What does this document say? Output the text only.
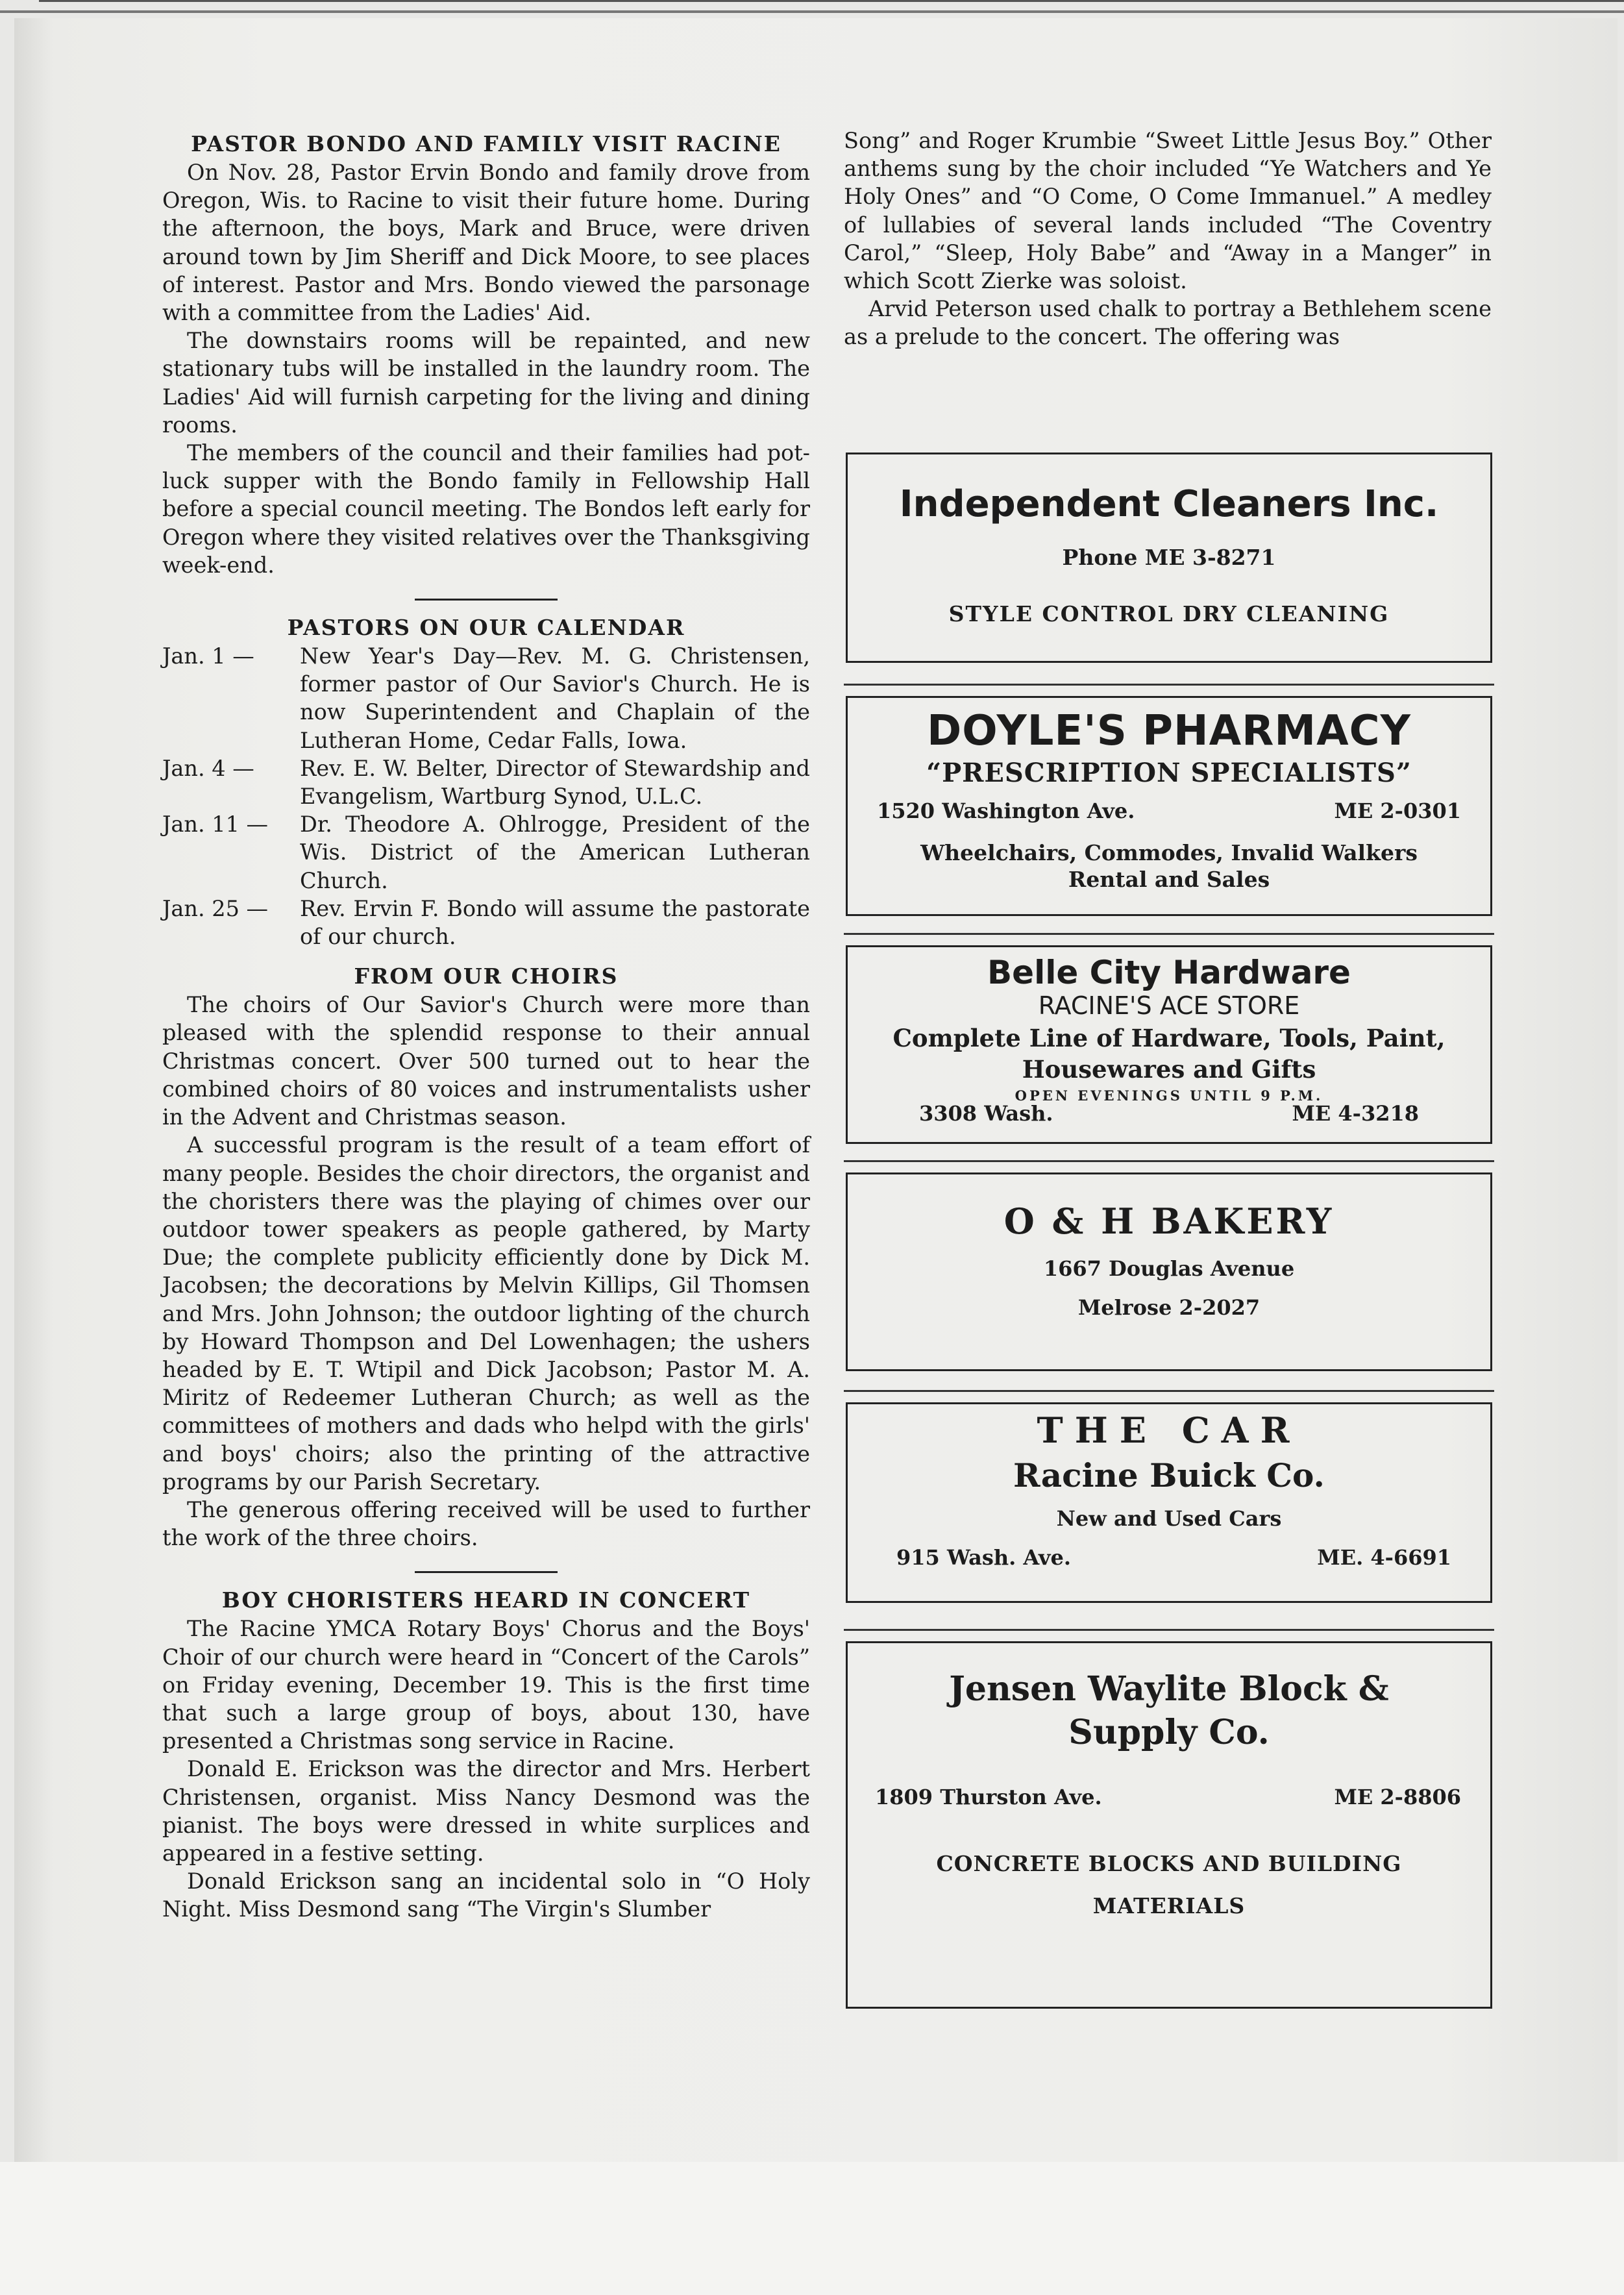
PASTOR BONDO AND FAMILY VISIT RACINE

On Nov. 28, Pastor Ervin Bondo and family drove from Oregon, Wis. to Racine to visit their future home. During the afternoon, the boys, Mark and Bruce, were driven around town by Jim Sheriff and Dick Moore, to see places of interest. Pastor and Mrs. Bondo viewed the parsonage with a committee from the Ladies' Aid.

The downstairs rooms will be repainted, and new stationary tubs will be installed in the laundry room. The Ladies' Aid will furnish carpeting for the living and dining rooms.

The members of the council and their families had pot-luck supper with the Bondo family in Fellowship Hall before a special council meeting. The Bondos left early for Oregon where they visited relatives over the Thanksgiving week-end.

PASTORS ON OUR CALENDAR

Jan. 1 —	New Year's Day—Rev. M. G. Christensen, former pastor of Our Savior's Church. He is now Superintendent and Chaplain of the Lutheran Home, Cedar Falls, Iowa.
Jan. 4 —	Rev. E. W. Belter, Director of Stewardship and Evangelism, Wartburg Synod, U.L.C.
Jan. 11 —	Dr. Theodore A. Ohlrogge, President of the Wis. District of the American Lutheran Church.
Jan. 25 —	Rev. Ervin F. Bondo will assume the pastorate of our church.

FROM OUR CHOIRS

The choirs of Our Savior's Church were more than pleased with the splendid response to their annual Christmas concert. Over 500 turned out to hear the combined choirs of 80 voices and instrumentalists usher in the Advent and Christmas season.

A successful program is the result of a team effort of many people. Besides the choir directors, the organist and the choristers there was the playing of chimes over our outdoor tower speakers as people gathered, by Marty Due; the complete publicity efficiently done by Dick M. Jacobsen; the decorations by Melvin Killips, Gil Thomsen and Mrs. John Johnson; the outdoor lighting of the church by Howard Thompson and Del Lowenhagen; the ushers headed by E. T. Wtipil and Dick Jacobson; Pastor M. A. Miritz of Redeemer Lutheran Church; as well as the committees of mothers and dads who helpd with the girls' and boys' choirs; also the printing of the attractive programs by our Parish Secretary.

The generous offering received will be used to further the work of the three choirs.

BOY CHORISTERS HEARD IN CONCERT

The Racine YMCA Rotary Boys' Chorus and the Boys' Choir of our church were heard in “Concert of the Carols” on Friday evening, December 19. This is the first time that such a large group of boys, about 130, have presented a Christmas song service in Racine.

Donald E. Erickson was the director and Mrs. Herbert Christensen, organist. Miss Nancy Desmond was the pianist. The boys were dressed in white surplices and appeared in a festive setting.

Donald Erickson sang an incidental solo in “O Holy Night. Miss Desmond sang “The Virgin's Slumber

Song” and Roger Krumbie “Sweet Little Jesus Boy.” Other anthems sung by the choir included “Ye Watchers and Ye Holy Ones” and “O Come, O Come Immanuel.” A medley of lullabies of several lands included “The Coventry Carol,” “Sleep, Holy Babe” and “Away in a Manger” in which Scott Zierke was soloist.

Arvid Peterson used chalk to portray a Bethlehem scene as a prelude to the concert. The offering was

Independent Cleaners Inc.
Phone ME 3-8271
STYLE CONTROL DRY CLEANING
DOYLE'S PHARMACY
“PRESCRIPTION SPECIALISTS”
1520 Washington Ave.	ME 2-0301
Wheelchairs, Commodes, Invalid Walkers
Rental and Sales
Belle City Hardware
RACINE'S ACE STORE
Complete Line of Hardware, Tools, Paint,
Housewares and Gifts
OPEN EVENINGS UNTIL 9 P.M.
3308 Wash.	ME 4-3218
O & H BAKERY
1667 Douglas Avenue
Melrose 2-2027
THE CAR
Racine Buick Co.
New and Used Cars
915 Wash. Ave.	ME. 4-6691
Jensen Waylite Block &
Supply Co.
1809 Thurston Ave.	ME 2-8806
CONCRETE BLOCKS AND BUILDING
MATERIALS
